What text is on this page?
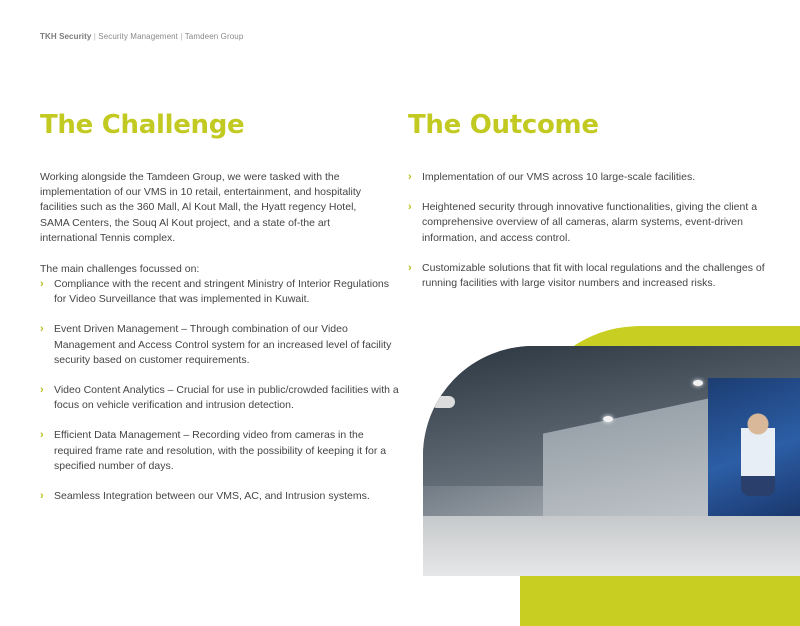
TKH Security | Security Management | Tamdeen Group
The Challenge	The Outcome

Working alongside the Tamdeen Group, we were tasked with the implementation of our VMS in 10 retail, entertainment, and hospitality facilities such as the 360 Mall, Al Kout Mall, the Hyatt regency Hotel, SAMA Centers, the Souq Al Kout project, and a state of-the art international Tennis complex.

The main challenges focussed on:

› Compliance with the recent and stringent Ministry of Interior Regulations for Video Surveillance that was implemented in Kuwait.
› Event Driven Management – Through combination of our Video Management and Access Control system for an increased level of facility security based on customer requirements.
› Video Content Analytics – Crucial for use in public/crowded facilities with a focus on vehicle verification and intrusion detection.
› Efficient Data Management – Recording video from cameras in the required frame rate and resolution, with the possibility of keeping it for a specified number of days.
› Seamless Integration between our VMS, AC, and Intrusion systems.
› Implementation of our VMS across 10 large-scale facilities.
› Heightened security through innovative functionalities, giving the client a comprehensive overview of all cameras, alarm systems, event-driven information, and access control.
› Customizable solutions that fit with local regulations and the challenges of running facilities with large visitor numbers and increased risks.
